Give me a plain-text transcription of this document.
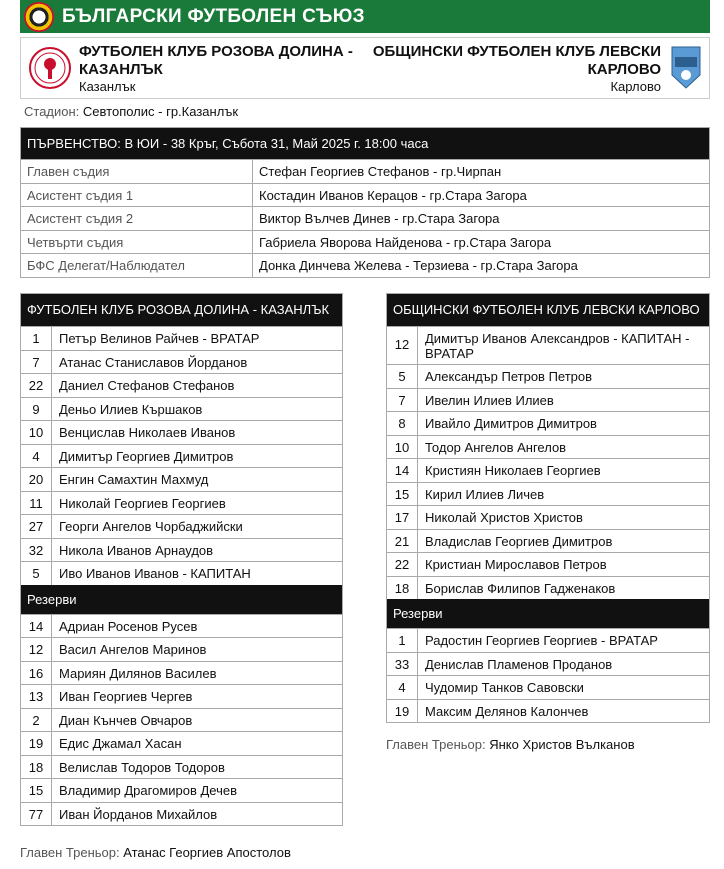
БЪЛГАРСКИ ФУТБОЛЕН СЪЮЗ
ФУТБОЛЕН КЛУБ РОЗОВА ДОЛИНА - КАЗАНЛЪК
Казанлък
ОБЩИНСКИ ФУТБОЛЕН КЛУБ ЛЕВСКИ
КАРЛОВО
Карлово
Стадион: Севтополис - гр.Казанлък
ПЪРВЕНСТВО: В ЮИ - 38 Кръг, Събота 31, Май 2025 г. 18:00 часа
Главен съдия	Стефан Георгиев Стефанов - гр.Чирпан
Асистент съдия 1	Костадин Иванов Керацов - гр.Стара Загора
Асистент съдия 2	Виктор Вълчев Динев - гр.Стара Загора
Четвърти съдия	Габриела Яворова Найденова - гр.Стара Загора
БФС Делегат/Наблюдател	Донка Динчева Желева - Терзиева - гр.Стара Загора
ФУТБОЛЕН КЛУБ РОЗОВА ДОЛИНА - КАЗАНЛЪК
1	Петър Велинов Райчев - ВРАТАР
7	Атанас Станиславов Йорданов
22	Даниел Стефанов Стефанов
9	Деньо Илиев Кършаков
10	Венцислав Николаев Иванов
4	Димитър Георгиев Димитров
20	Енгин Самахтин Махмуд
11	Николай Георгиев Георгиев
27	Георги Ангелов Чорбаджийски
32	Никола Иванов Арнаудов
5	Иво Иванов Иванов - КАПИТАН
Резерви
14	Адриан Росенов Русев
12	Васил Ангелов Маринов
16	Мариян Дилянов Василев
13	Иван Георгиев Чергев
2	Диан Кънчев Овчаров
19	Едис Джамал Хасан
18	Велислав Тодоров Тодоров
15	Владимир Драгомиров Дечев
77	Иван Йорданов Михайлов
ОБЩИНСКИ ФУТБОЛЕН КЛУБ ЛЕВСКИ КАРЛОВО
12	Димитър Иванов Александров - КАПИТАН - ВРАТАР
5	Александър Петров Петров
7	Ивелин Илиев Илиев
8	Ивайло Димитров Димитров
10	Тодор Ангелов Ангелов
14	Кристиян Николаев Георгиев
15	Кирил Илиев Личев
17	Николай Христов Христов
21	Владислав Георгиев Димитров
22	Кристиан Мирославов Петров
18	Борислав Филипов Гадженаков
Резерви
1	Радостин Георгиев Георгиев - ВРАТАР
33	Денислав Пламенов Проданов
4	Чудомир Танков Савовски
19	Максим Делянов Калончев
Главен Треньор: Янко Христов Вълканов
Главен Треньор: Атанас Георгиев Апостолов
